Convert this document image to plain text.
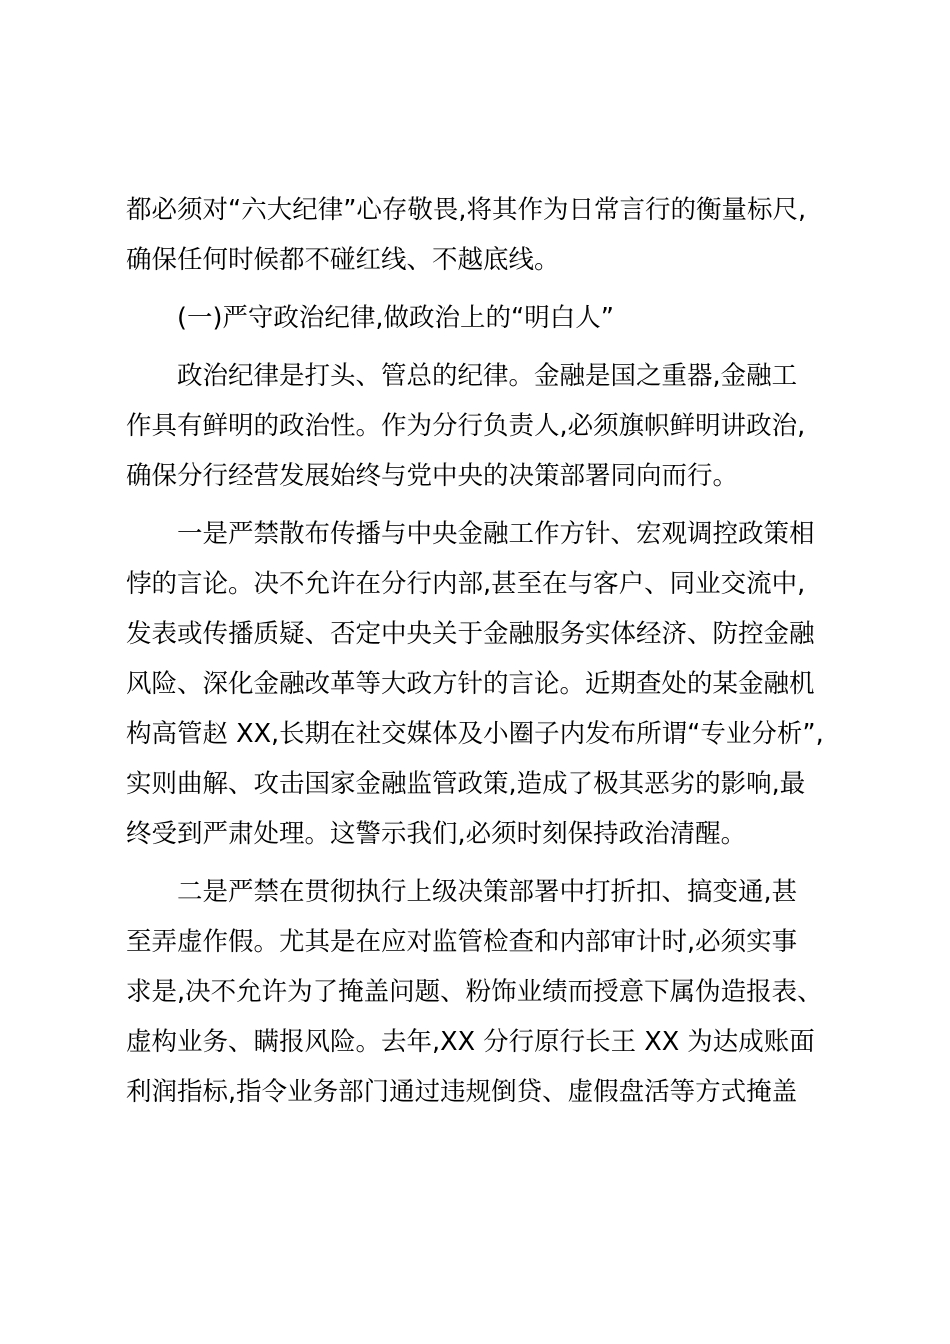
都必须对“六大纪律”心存敬畏,将其作为日常言行的衡量标尺,
确保任何时候都不碰红线、不越底线。
(一)严守政治纪律,做政治上的“明白人”
政治纪律是打头、管总的纪律。金融是国之重器,金融工
作具有鲜明的政治性。作为分行负责人,必须旗帜鲜明讲政治,
确保分行经营发展始终与党中央的决策部署同向而行。
一是严禁散布传播与中央金融工作方针、宏观调控政策相
悖的言论。决不允许在分行内部,甚至在与客户、同业交流中,
发表或传播质疑、否定中央关于金融服务实体经济、防控金融
风险、深化金融改革等大政方针的言论。近期查处的某金融机
构高管赵 XX,长期在社交媒体及小圈子内发布所谓“专业分析”,
实则曲解、攻击国家金融监管政策,造成了极其恶劣的影响,最
终受到严肃处理。这警示我们,必须时刻保持政治清醒。
二是严禁在贯彻执行上级决策部署中打折扣、搞变通,甚
至弄虚作假。尤其是在应对监管检查和内部审计时,必须实事
求是,决不允许为了掩盖问题、粉饰业绩而授意下属伪造报表、
虚构业务、瞒报风险。去年,XX 分行原行长王 XX 为达成账面
利润指标,指令业务部门通过违规倒贷、虚假盘活等方式掩盖
